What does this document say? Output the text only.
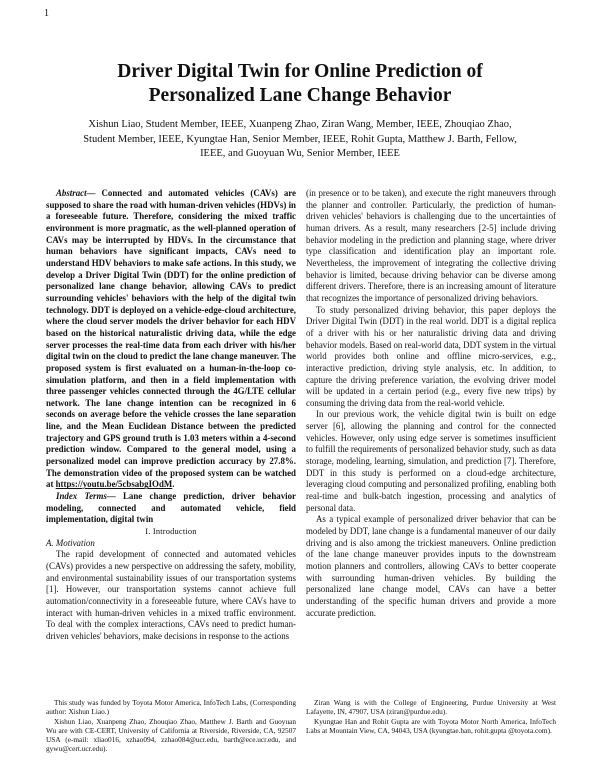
1
Driver Digital Twin for Online Prediction of
Personalized Lane Change Behavior
Xishun Liao, Student Member, IEEE, Xuanpeng Zhao, Ziran Wang, Member, IEEE, Zhouqiao Zhao,
Student Member, IEEE, Kyungtae Han, Senior Member, IEEE, Rohit Gupta, Matthew J. Barth, Fellow,
IEEE, and Guoyuan Wu, Senior Member, IEEE

Abstract— Connected and automated vehicles (CAVs) are supposed to share the road with human-driven vehicles (HDVs) in a foreseeable future. Therefore, considering the mixed traffic environment is more pragmatic, as the well-planned operation of CAVs may be interrupted by HDVs. In the circumstance that human behaviors have significant impacts, CAVs need to understand HDV behaviors to make safe actions. In this study, we develop a Driver Digital Twin (DDT) for the online prediction of personalized lane change behavior, allowing CAVs to predict surrounding vehicles' behaviors with the help of the digital twin technology. DDT is deployed on a vehicle-edge-cloud architecture, where the cloud server models the driver behavior for each HDV based on the historical naturalistic driving data, while the edge server processes the real-time data from each driver with his/her digital twin on the cloud to predict the lane change maneuver. The proposed system is first evaluated on a human-in-the-loop co-simulation platform, and then in a field implementation with three passenger vehicles connected through the 4G/LTE cellular network. The lane change intention can be recognized in 6 seconds on average before the vehicle crosses the lane separation line, and the Mean Euclidean Distance between the predicted trajectory and GPS ground truth is 1.03 meters within a 4-second prediction window. Compared to the general model, using a personalized model can improve prediction accuracy by 27.8%. The demonstration video of the proposed system can be watched at https://youtu.be/5cbsabgIOdM.

Index Terms— Lane change prediction, driver behavior modeling, connected and automated vehicle, field implementation, digital twin

I. Introduction

A. Motivation

The rapid development of connected and automated vehicles (CAVs) provides a new perspective on addressing the safety, mobility, and environmental sustainability issues of our transportation systems [1]. However, our transportation systems cannot achieve full automation/connectivity in a foreseeable future, where CAVs have to interact with human-driven vehicles in a mixed traffic environment. To deal with the complex interactions, CAVs need to predict human-driven vehicles' behaviors, make decisions in response to the actions

(in presence or to be taken), and execute the right maneuvers through the planner and controller. Particularly, the prediction of human-driven vehicles' behaviors is challenging due to the uncertainties of human drivers. As a result, many researchers [2-5] include driving behavior modeling in the prediction and planning stage, where driver type classification and identification play an important role. Nevertheless, the improvement of integrating the collective driving behavior is limited, because driving behavior can be diverse among different drivers. Therefore, there is an increasing amount of literature that recognizes the importance of personalized driving behaviors.

To study personalized driving behavior, this paper deploys the Driver Digital Twin (DDT) in the real world. DDT is a digital replica of a driver with his or her naturalistic driving data and driving behavior models. Based on real-world data, DDT system in the virtual world provides both online and offline micro-services, e.g., interactive prediction, driving style analysis, etc. In addition, to capture the driving preference variation, the evolving driver model will be updated in a certain period (e.g., every five new trips) by consuming the driving data from the real-world vehicle.

In our previous work, the vehicle digital twin is built on edge server [6], allowing the planning and control for the connected vehicles. However, only using edge server is sometimes insufficient to fulfill the requirements of personalized behavior study, such as data storage, modeling, learning, simulation, and prediction [7]. Therefore, DDT in this study is performed on a cloud-edge architecture, leveraging cloud computing and personalized profiling, enabling both real-time and bulk-batch ingestion, processing and analytics of personal data.

As a typical example of personalized driver behavior that can be modeled by DDT, lane change is a fundamental maneuver of our daily driving and is also among the trickiest maneuvers. Online prediction of the lane change maneuver provides inputs to the downstream motion planners and controllers, allowing CAVs to better cooperate with surrounding human-driven vehicles. By building the personalized lane change model, CAVs can have a better understanding of the specific human drivers and provide a more accurate prediction.

This study was funded by Toyota Motor America, InfoTech Labs, (Corresponding author: Xishun Liao.)

Xishun Liao, Xuanpeng Zhao, Zhouqiao Zhao, Matthew J. Barth and Guoyuan Wu are with CE-CERT, University of California at Riverside, Riverside, CA, 92507 USA (e-mail: xliao016, xzhao094, zzhao084@ucr.edu, barth@ece.ucr.edu, and gywu@cert.ucr.edu).

Ziran Wang is with the College of Engineering, Purdue University at West Lafayette, IN, 47907, USA (ziran@purdue.edu).

Kyungtae Han and Rohit Gupta are with Toyota Motor North America, InfoTech Labs at Mountain View, CA, 94043, USA (kyungtae.han, rohit.gupta @toyota.com).
